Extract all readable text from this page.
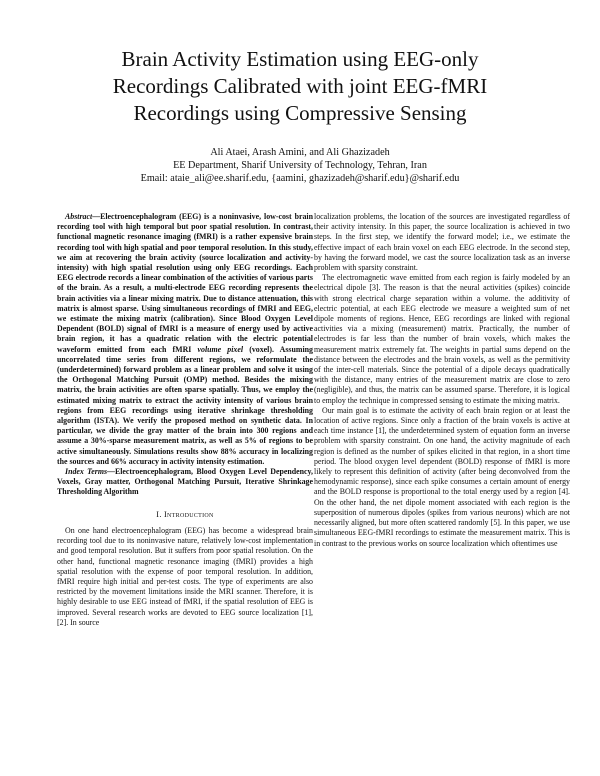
Brain Activity Estimation using EEG-only
Recordings Calibrated with joint EEG-fMRI
Recordings using Compressive Sensing
Ali Ataei, Arash Amini, and Ali Ghazizadeh
EE Department, Sharif University of Technology, Tehran, Iran
Email: ataie_ali@ee.sharif.edu, {aamini, ghazizadeh@sharif.edu}@sharif.edu

Abstract—Electroencephalogram (EEG) is a noninvasive, low-cost brain recording tool with high temporal but poor spatial resolution. In contrast, functional magnetic resonance imaging (fMRI) is a rather expensive brain recording tool with high spatial and poor temporal resolution. In this study, we aim at recovering the brain activity (source localization and activity-intensity) with high spatial resolution using only EEG recordings. Each EEG electrode records a linear combination of the activities of various parts of the brain. As a result, a multi-electrode EEG recording represents the brain activities via a linear mixing matrix. Due to distance attenuation, this matrix is almost sparse. Using simultaneous recordings of fMRI and EEG, we estimate the mixing matrix (calibration). Since Blood Oxygen Level Dependent (BOLD) signal of fMRI is a measure of energy used by active brain region, it has a quadratic relation with the electric potential waveform emitted from each fMRI volume pixel (voxel). Assuming uncorrelated time series from different regions, we reformulate the (underdetermined) forward problem as a linear problem and solve it using the Orthogonal Matching Pursuit (OMP) method. Besides the mixing matrix, the brain activities are often sparse spatially. Thus, we employ the estimated mixing matrix to extract the activity intensity of various brain regions from EEG recordings using iterative shrinkage thresholding algorithm (ISTA). We verify the proposed method on synthetic data. In particular, we divide the gray matter of the brain into 300 regions and assume a 30%-sparse measurement matrix, as well as 5% of regions to be active simultaneously. Simulations results show 88% accuracy in localizing the sources and 66% accuracy in activity intensity estimation.

Index Terms—Electroencephalogram, Blood Oxygen Level Dependency, Voxels, Gray matter, Orthogonal Matching Pursuit, Iterative Shrinkage Thresholding Algorithm

I. Introduction

On one hand electroencephalogram (EEG) has become a widespread brain recording tool due to its noninvasive nature, relatively low-cost implementation and good temporal resolution. But it suffers from poor spatial resolution. On the other hand, functional magnetic resonance imaging (fMRI) provides a high spatial resolution with the expense of poor temporal resolution. In addition, fMRI require high initial and per-test costs. The type of experiments are also restricted by the movement limitations inside the MRI scanner. Therefore, it is highly desirable to use EEG instead of fMRI, if the spatial resolution of EEG is improved. Several research works are devoted to EEG source localization [1], [2]. In source

localization problems, the location of the sources are investigated regardless of their activity intensity. In this paper, the source localization is achieved in two steps. In the first step, we identify the forward model; i.e., we estimate the effective impact of each brain voxel on each EEG electrode. In the second step, by having the forward model, we cast the source localization task as an inverse problem with sparsity constraint.

The electromagnetic wave emitted from each region is fairly modeled by an electrical dipole [3]. The reason is that the neural activities (spikes) coincide with strong electrical charge separation within a volume. the additivity of electric potential, at each EEG electrode we measure a weighted sum of net dipole moments of regions. Hence, EEG recordings are linked with regional activities via a mixing (measurement) matrix. Practically, the number of electrodes is far less than the number of brain voxels, which makes the measurement matrix extremely fat. The weights in partial sums depend on the distance between the electrodes and the brain voxels, as well as the permitivity of the inter-cell materials. Since the potential of a dipole decays quadratically with the distance, many entries of the measurement matrix are close to zero (negligible), and thus, the matrix can be assumed sparse. Therefore, it is logical to employ the technique in compressed sensing to estimate the mixing matrix.

Our main goal is to estimate the activity of each brain region or at least the location of active regions. Since only a fraction of the brain voxels is active at each time instance [1], the underdetermined system of equation form an inverse problem with sparsity constraint. On one hand, the activity magnitude of each region is defined as the number of spikes elicited in that region, in a short time period. The blood oxygen level dependent (BOLD) response of fMRI is more likely to represent this definition of activity (after being deconvolved from the hemodynamic response), since each spike consumes a certain amount of energy and the BOLD response is proportional to the total energy used by a region [4]. On the other hand, the net dipole moment associated with each region is the superposition of numerous dipoles (spikes from various neurons) which are not necessarily aligned, but more often scattered randomly [5]. In this paper, we use simultaneous EEG-fMRI recordings to estimate the measurement matrix. This is in contrast to the previous works on source localization which oftentimes use
